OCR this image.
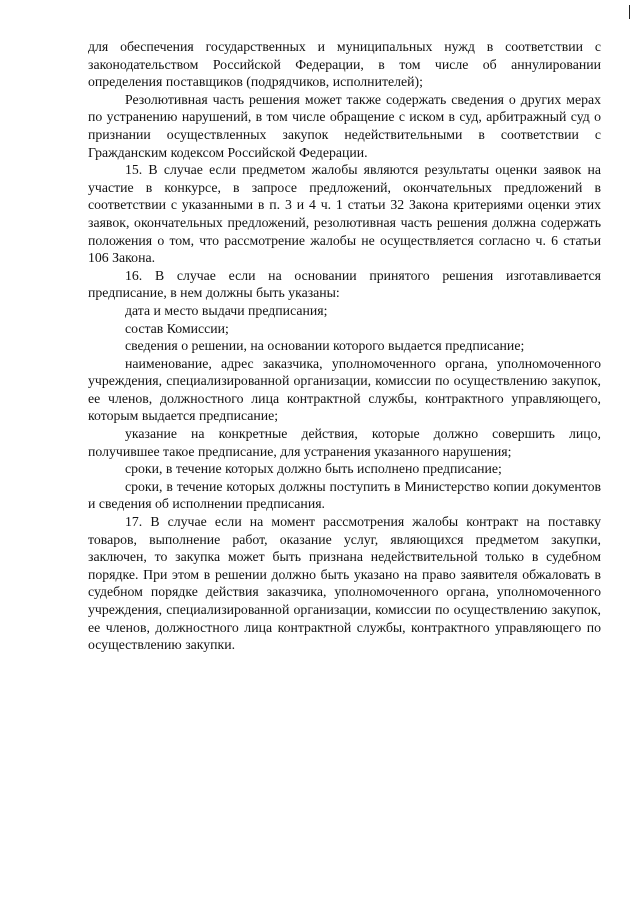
для обеспечения государственных и муниципальных нужд в соответствии с законодательством Российской Федерации, в том числе об аннулировании определения поставщиков (подрядчиков, исполнителей);

Резолютивная часть решения может также содержать сведения о других мерах по устранению нарушений, в том числе обращение с иском в суд, арбитражный суд о признании осуществленных закупок недействительными в соответствии с Гражданским кодексом Российской Федерации.

15. В случае если предметом жалобы являются результаты оценки заявок на участие в конкурсе, в запросе предложений, окончательных предложений в соответствии с указанными в п. 3 и 4 ч. 1 статьи 32 Закона критериями оценки этих заявок, окончательных предложений, резолютивная часть решения должна содержать положения о том, что рассмотрение жалобы не осуществляется согласно ч. 6 статьи 106 Закона.

16. В случае если на основании принятого решения изготавливается предписание, в нем должны быть указаны:

дата и место выдачи предписания;

состав Комиссии;

сведения о решении, на основании которого выдается предписание;

наименование, адрес заказчика, уполномоченного органа, уполномоченного учреждения, специализированной организации, комиссии по осуществлению закупок, ее членов, должностного лица контрактной службы, контрактного управляющего, которым выдается предписание;

указание на конкретные действия, которые должно совершить лицо, получившее такое предписание, для устранения указанного нарушения;

сроки, в течение которых должно быть исполнено предписание;

сроки, в течение которых должны поступить в Министерство копии документов и сведения об исполнении предписания.

17. В случае если на момент рассмотрения жалобы контракт на поставку товаров, выполнение работ, оказание услуг, являющихся предметом закупки, заключен, то закупка может быть признана недействительной только в судебном порядке. При этом в решении должно быть указано на право заявителя обжаловать в судебном порядке действия заказчика, уполномоченного органа, уполномоченного учреждения, специализированной организации, комиссии по осуществлению закупок, ее членов, должностного лица контрактной службы, контрактного управляющего по осуществлению закупки.
